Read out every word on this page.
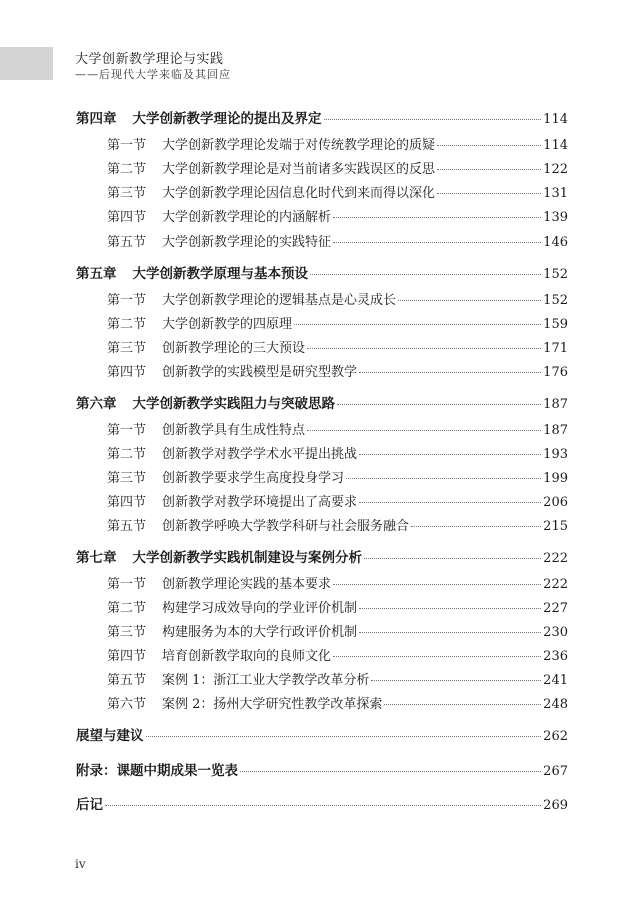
大学创新教学理论与实践
——后现代大学来临及其回应
第四章 大学创新教学理论的提出及界定	114
第一节 大学创新教学理论发端于对传统教学理论的质疑	114
第二节 大学创新教学理论是对当前诸多实践误区的反思	122
第三节 大学创新教学理论因信息化时代到来而得以深化	131
第四节 大学创新教学理论的内涵解析	139
第五节 大学创新教学理论的实践特征	146
第五章 大学创新教学原理与基本预设	152
第一节 大学创新教学理论的逻辑基点是心灵成长	152
第二节 大学创新教学的四原理	159
第三节 创新教学理论的三大预设	171
第四节 创新教学的实践模型是研究型教学	176
第六章 大学创新教学实践阻力与突破思路	187
第一节 创新教学具有生成性特点	187
第二节 创新教学对教学学术水平提出挑战	193
第三节 创新教学要求学生高度投身学习	199
第四节 创新教学对教学环境提出了高要求	206
第五节 创新教学呼唤大学教学科研与社会服务融合	215
第七章 大学创新教学实践机制建设与案例分析	222
第一节 创新教学理论实践的基本要求	222
第二节 构建学习成效导向的学业评价机制	227
第三节 构建服务为本的大学行政评价机制	230
第四节 培育创新教学取向的良师文化	236
第五节 案例 1：浙江工业大学教学改革分析	241
第六节 案例 2：扬州大学研究性教学改革探索	248
展望与建议	262
附录：课题中期成果一览表	267
后记	269
iv
